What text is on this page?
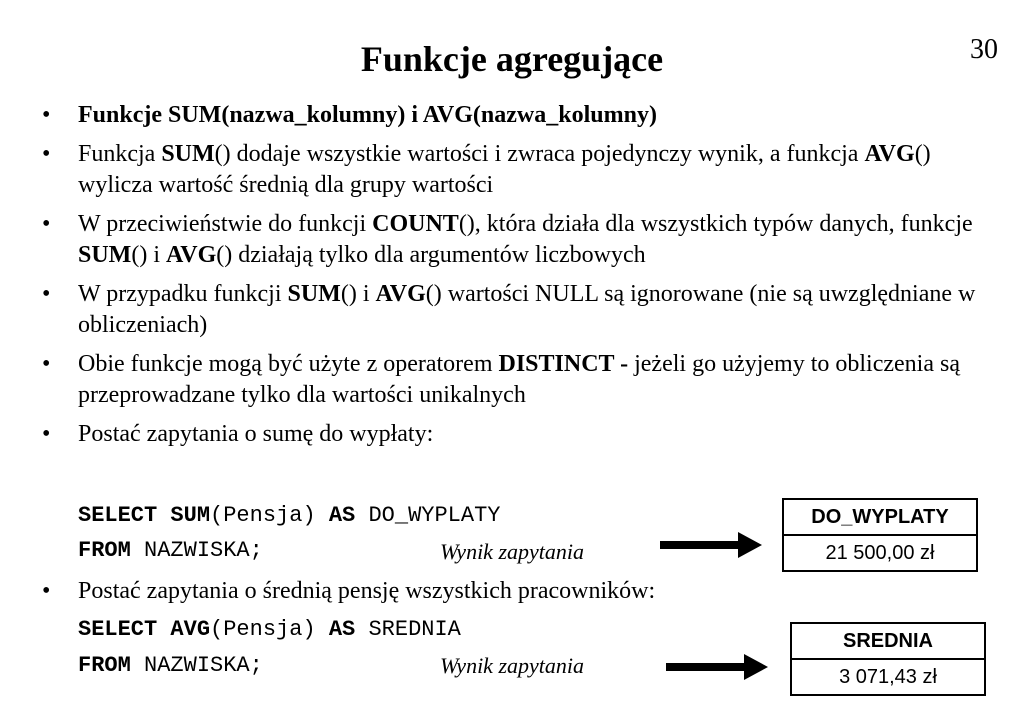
30
Funkcje agregujące
• Funkcje SUM(nazwa_kolumny) i AVG(nazwa_kolumny)
• Funkcja SUM() dodaje wszystkie wartości i zwraca pojedynczy wynik, a funkcja AVG() wylicza wartość średnią dla grupy wartości
• W przeciwieństwie do funkcji COUNT(), która działa dla wszystkich typów danych, funkcje SUM() i AVG() działają tylko dla argumentów liczbowych
• W przypadku funkcji SUM() i AVG() wartości NULL są ignorowane (nie są uwzględniane w obliczeniach)
• Obie funkcje mogą być użyte z operatorem DISTINCT - jeżeli go użyjemy to obliczenia są przeprowadzane tylko dla wartości unikalnych
• Postać zapytania o sumę do wypłaty:
SELECT SUM(Pensja) AS DO_WYPLATY
FROM NAZWISKA;	Wynik zapytania
DO_WYPLATY
21 500,00 zł
• Postać zapytania o średnią pensję wszystkich pracowników:
SELECT AVG(Pensja) AS SREDNIA
FROM NAZWISKA;	Wynik zapytania
SREDNIA
3 071,43 zł
